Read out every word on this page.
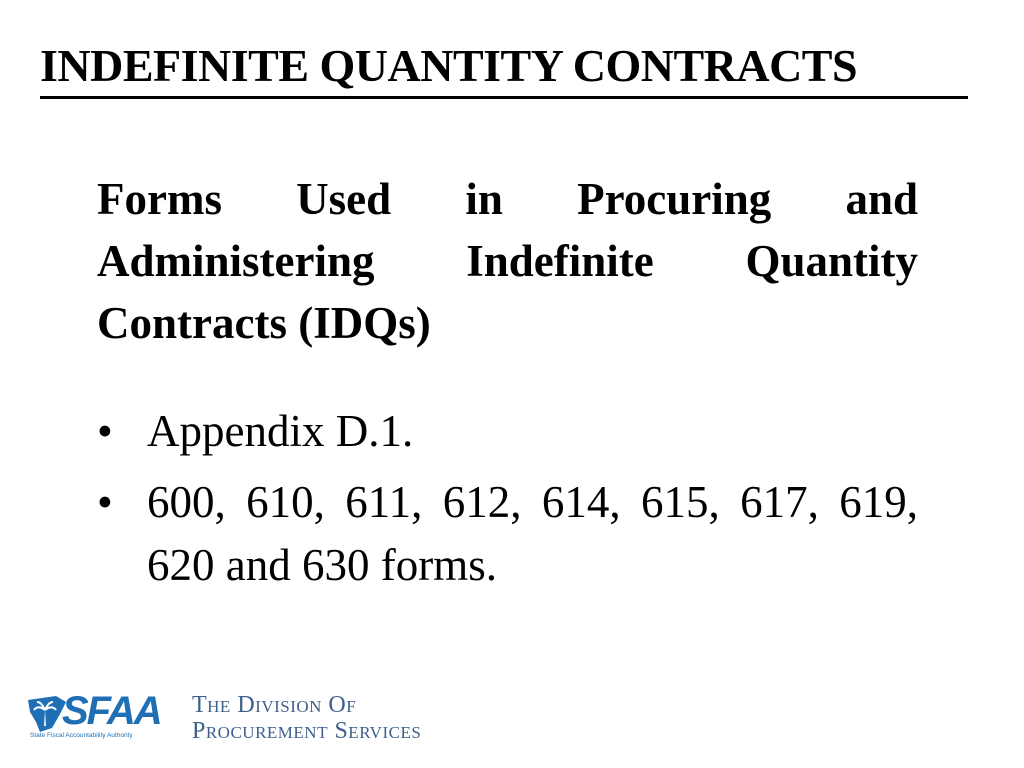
INDEFINITE QUANTITY CONTRACTS

Forms Used in Procuring and Administering Indefinite Quantity Contracts (IDQs)

• Appendix D.1.
• 600, 610, 611, 612, 614, 615, 617, 619, 620 and 630 forms.
SFAA
State Fiscal Accountability Authority
The Division Of
Procurement Services
